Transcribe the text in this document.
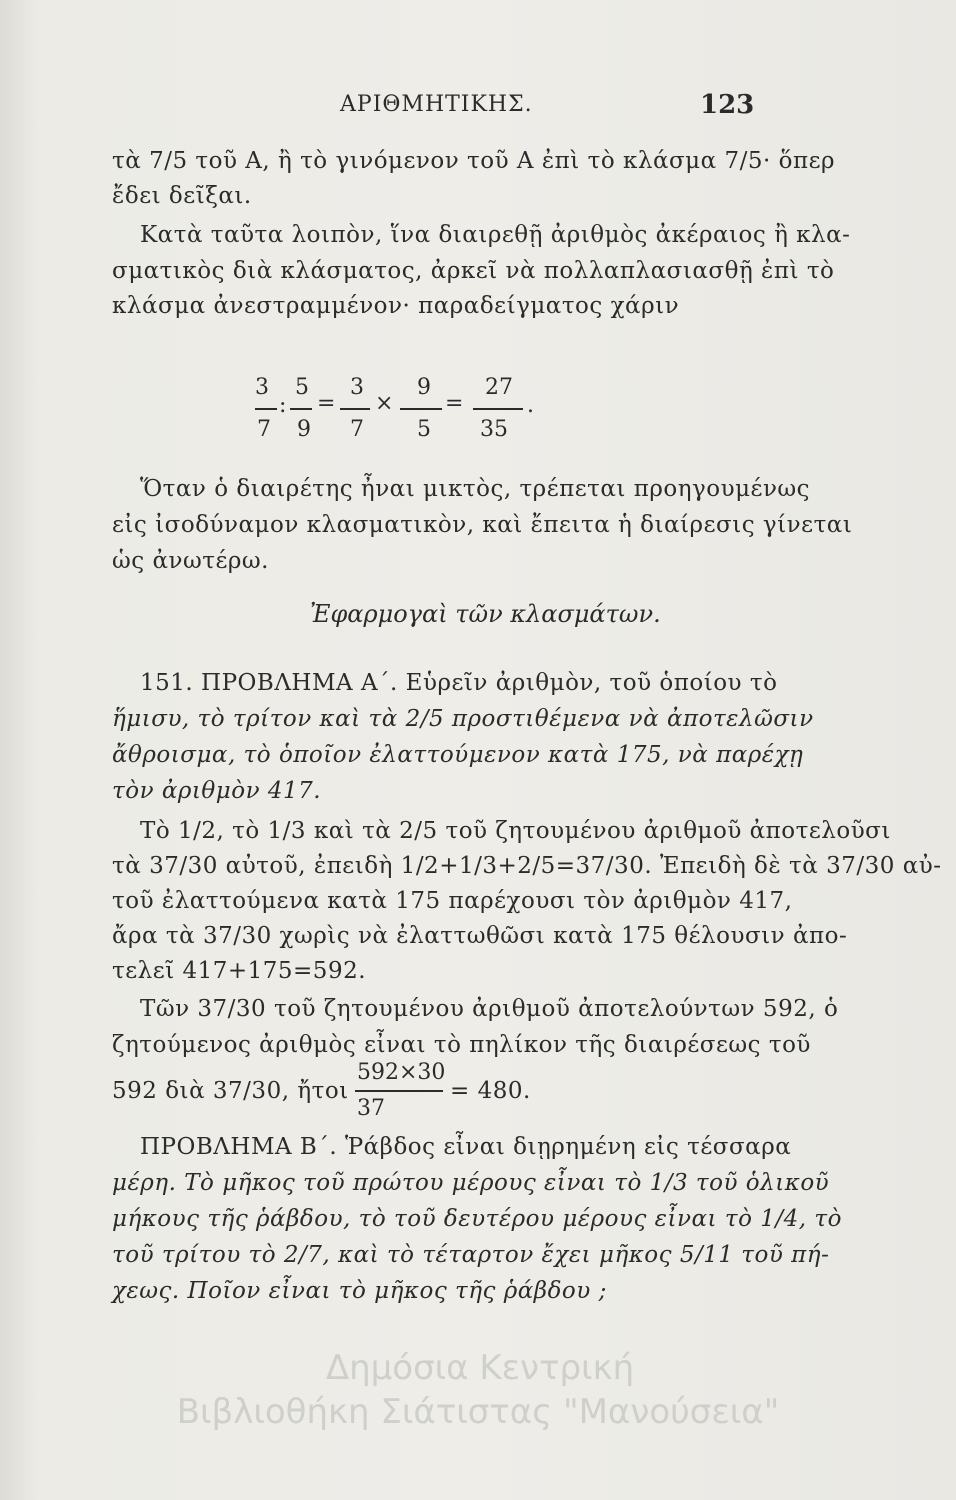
ΑΡΙΘΜΗΤΙΚΗΣ.	123
τὰ 7/5 τοῦ Α, ἢ τὸ γινόμενον τοῦ Α ἐπὶ τὸ κλάσμα 7/5· ὅπερ
ἔδει δεῖξαι.
Κατὰ ταῦτα λοιπὸν, ἵνα διαιρεθῇ ἀριθμὸς ἀκέραιος ἢ κλα-
σματικὸς διὰ κλάσματος, ἀρκεῖ νὰ πολλαπλασιασθῇ ἐπὶ τὸ
κλάσμα ἀνεστραμμένον· παραδείγματος χάριν
3
7
:
5
9
=
3
7
×
9
5
=
27
35
.
Ὅταν ὁ διαιρέτης ἦναι μικτὸς, τρέπεται προηγουμένως
εἰς ἰσοδύναμον κλασματικὸν, καὶ ἔπειτα ἡ διαίρεσις γίνεται
ὡς ἀνωτέρω.
Ἐφαρμογαὶ τῶν κλασμάτων.
151. ΠΡΟΒΛΗΜΑ Α΄. Εὑρεῖν ἀριθμὸν, τοῦ ὁποίου τὸ
ἥμισυ, τὸ τρίτον καὶ τὰ 2/5 προστιθέμενα νὰ ἀποτελῶσιν
ἄθροισμα, τὸ ὁποῖον ἐλαττούμενον κατὰ 175, νὰ παρέχῃ
τὸν ἀριθμὸν 417.
Τὸ 1/2, τὸ 1/3 καὶ τὰ 2/5 τοῦ ζητουμένου ἀριθμοῦ ἀποτελοῦσι
τὰ 37/30 αὐτοῦ, ἐπειδὴ 1/2+1/3+2/5=37/30. Ἐπειδὴ δὲ τὰ 37/30 αὐ-
τοῦ ἐλαττούμενα κατὰ 175 παρέχουσι τὸν ἀριθμὸν 417,
ἄρα τὰ 37/30 χωρὶς νὰ ἐλαττωθῶσι κατὰ 175 θέλουσιν ἀπο-
τελεῖ 417+175=592.
Τῶν 37/30 τοῦ ζητουμένου ἀριθμοῦ ἀποτελούντων 592, ὁ
ζητούμενος ἀριθμὸς εἶναι τὸ πηλίκον τῆς διαιρέσεως τοῦ
592 διὰ 37/30, ἤτοι
592×30
37
= 480.
ΠΡΟΒΛΗΜΑ Β΄. Ῥάβδος εἶναι διῃρημένη εἰς τέσσαρα
μέρη. Τὸ μῆκος τοῦ πρώτου μέρους εἶναι τὸ 1/3 τοῦ ὁλικοῦ
μήκους τῆς ῥάβδου, τὸ τοῦ δευτέρου μέρους εἶναι τὸ 1/4, τὸ
τοῦ τρίτου τὸ 2/7, καὶ τὸ τέταρτον ἔχει μῆκος 5/11 τοῦ πή-
χεως. Ποῖον εἶναι τὸ μῆκος τῆς ῥάβδου ;
Δημόσια Κεντρική
Βιβλιοθήκη Σιάτιστας "Μανούσεια"
